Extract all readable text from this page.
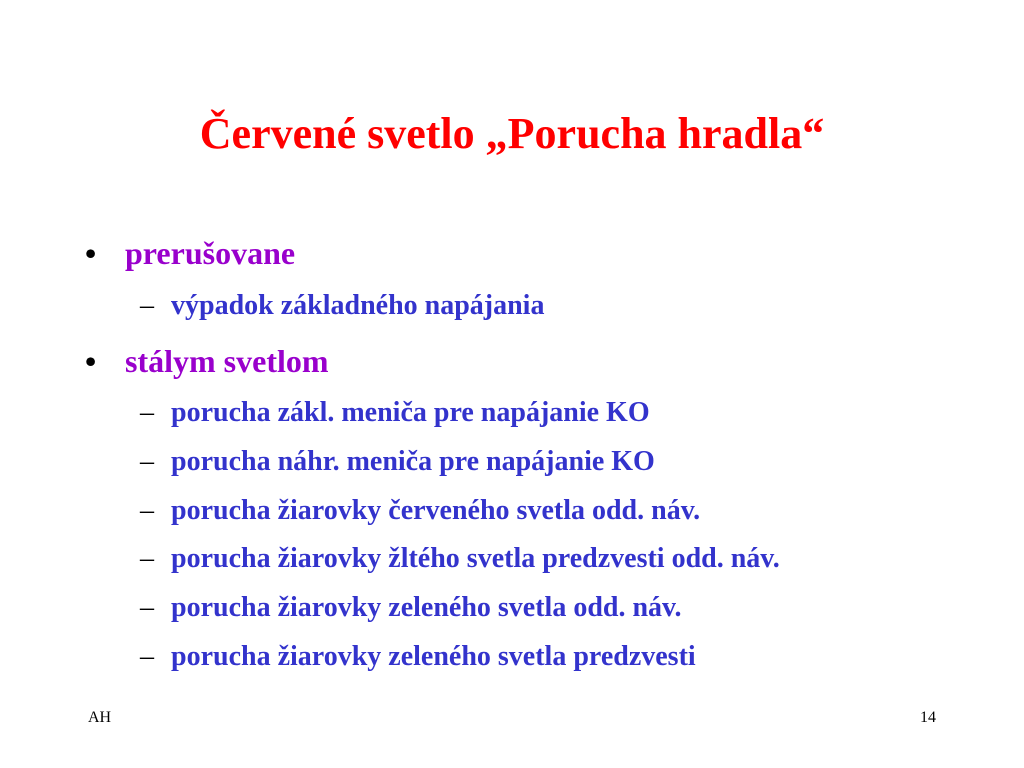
Červené svetlo „Porucha hradla“
• prerušovane
– výpadok základného napájania
• stálym svetlom
– porucha zákl. meniča pre napájanie KO
– porucha náhr. meniča pre napájanie KO
– porucha žiarovky červeného svetla odd. náv.
– porucha žiarovky žltého svetla predzvesti odd. náv.
– porucha žiarovky zeleného svetla odd. náv.
– porucha žiarovky zeleného svetla predzvesti
AH	14
